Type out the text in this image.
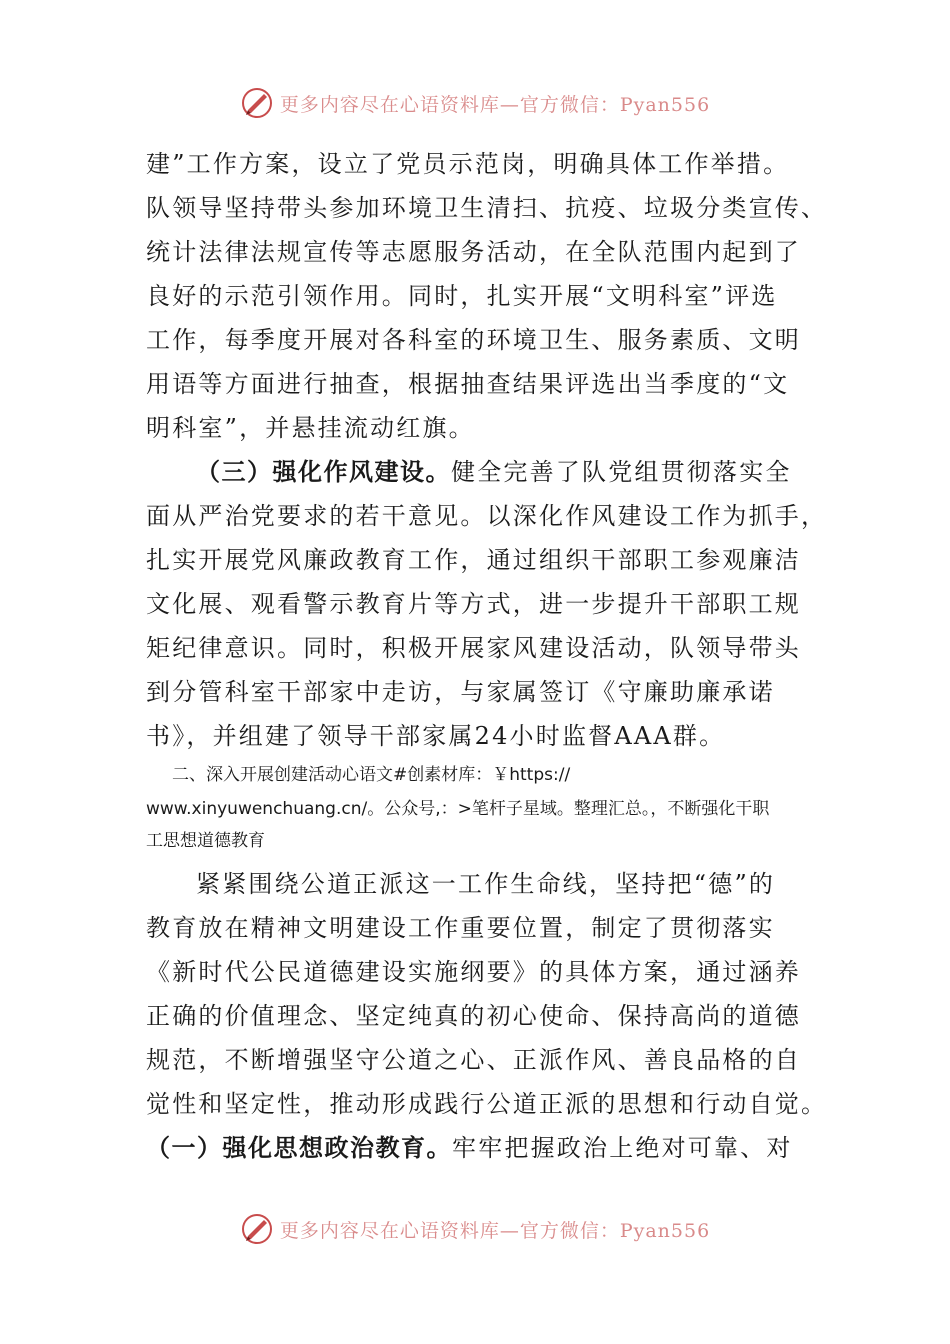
更多内容尽在心语资料库—官方微信：Pyan556
建”工作方案，设立了党员示范岗，明确具体工作举措。
队领导坚持带头参加环境卫生清扫、抗疫、垃圾分类宣传、
统计法律法规宣传等志愿服务活动，在全队范围内起到了
良好的示范引领作用。同时，扎实开展“文明科室”评选
工作，每季度开展对各科室的环境卫生、服务素质、文明
用语等方面进行抽查，根据抽查结果评选出当季度的“文
明科室”，并悬挂流动红旗。
（三）强化作风建设。健全完善了队党组贯彻落实全
面从严治党要求的若干意见。以深化作风建设工作为抓手，
扎实开展党风廉政教育工作，通过组织干部职工参观廉洁
文化展、观看警示教育片等方式，进一步提升干部职工规
矩纪律意识。同时，积极开展家风建设活动，队领导带头
到分管科室干部家中走访，与家属签订《守廉助廉承诺
书》，并组建了领导干部家属24小时监督AAA群。
二、深入开展创建活动心语文#创素材库：￥https://
www.xinyuwenchuang.cn/。公众号,：>笔杆子星域。整理汇总。，不断强化干职
工思想道德教育
紧紧围绕公道正派这一工作生命线，坚持把“德”的
教育放在精神文明建设工作重要位置，制定了贯彻落实
《新时代公民道德建设实施纲要》的具体方案，通过涵养
正确的价值理念、坚定纯真的初心使命、保持高尚的道德
规范，不断增强坚守公道之心、正派作风、善良品格的自
觉性和坚定性，推动形成践行公道正派的思想和行动自觉。
（一）强化思想政治教育。牢牢把握政治上绝对可靠、对
更多内容尽在心语资料库—官方微信：Pyan556
